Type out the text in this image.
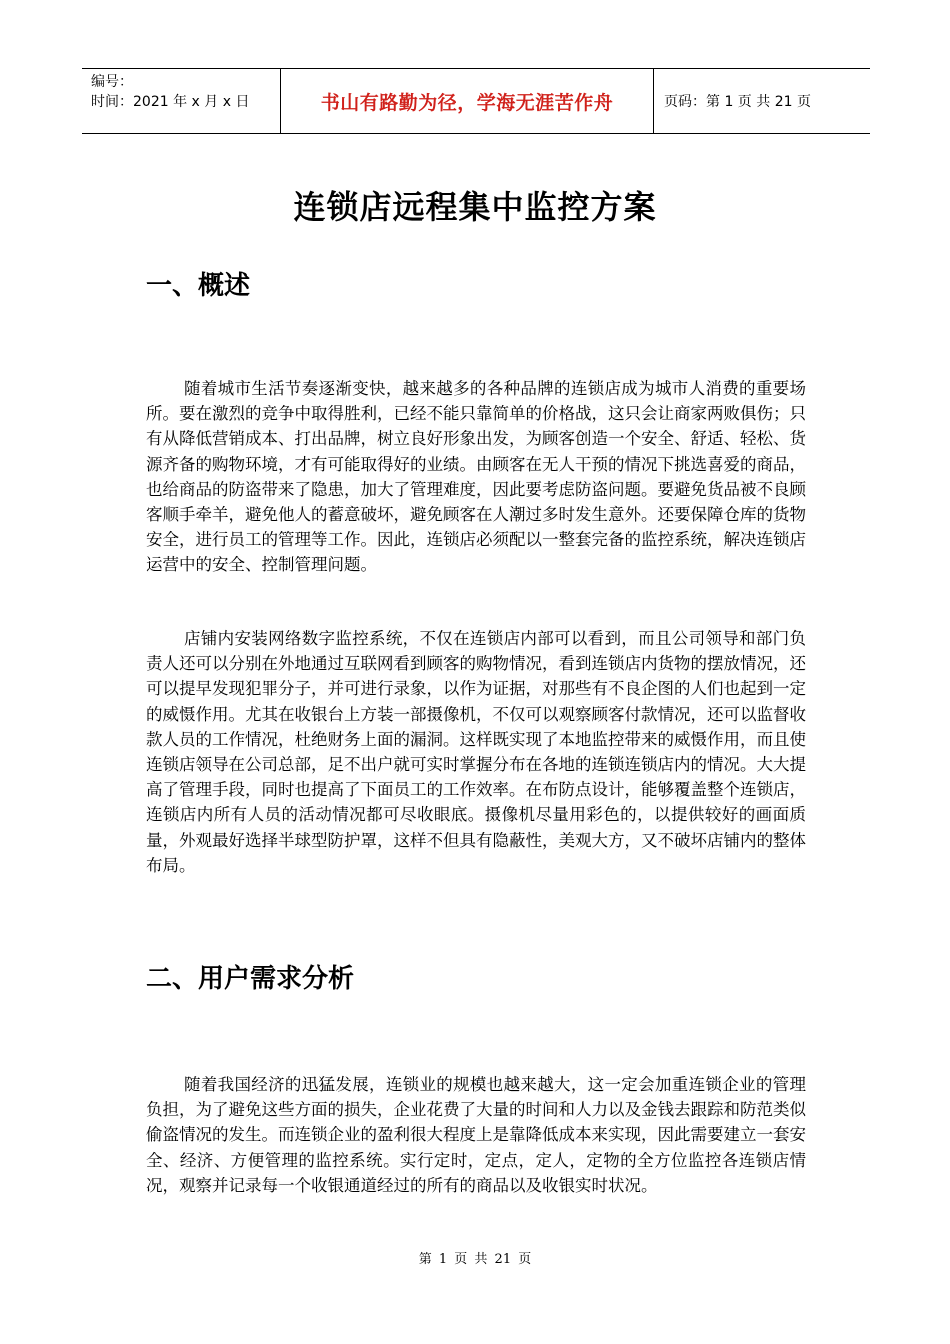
编号：
时间：2021 年 x 月 x 日	书山有路勤为径，学海无涯苦作舟	页码：第 1 页 共 21 页
连锁店远程集中监控方案
一、概述
随着城市生活节奏逐渐变快，越来越多的各种品牌的连锁店成为城市人消费的重要场所。要在激烈的竞争中取得胜利，已经不能只靠简单的价格战，这只会让商家两败俱伤；只有从降低营销成本、打出品牌，树立良好形象出发，为顾客创造一个安全、舒适、轻松、货源齐备的购物环境，才有可能取得好的业绩。由顾客在无人干预的情况下挑选喜爱的商品，也给商品的防盗带来了隐患，加大了管理难度，因此要考虑防盗问题。要避免货品被不良顾客顺手牵羊，避免他人的蓄意破坏，避免顾客在人潮过多时发生意外。还要保障仓库的货物安全，进行员工的管理等工作。因此，连锁店必须配以一整套完备的监控系统，解决连锁店运营中的安全、控制管理问题。
店铺内安装网络数字监控系统，不仅在连锁店内部可以看到，而且公司领导和部门负责人还可以分别在外地通过互联网看到顾客的购物情况，看到连锁店内货物的摆放情况，还可以提早发现犯罪分子，并可进行录象，以作为证据，对那些有不良企图的人们也起到一定的威慑作用。尤其在收银台上方装一部摄像机，不仅可以观察顾客付款情况，还可以监督收款人员的工作情况，杜绝财务上面的漏洞。这样既实现了本地监控带来的威慑作用，而且使连锁店领导在公司总部，足不出户就可实时掌握分布在各地的连锁连锁店内的情况。大大提高了管理手段，同时也提高了下面员工的工作效率。在布防点设计，能够覆盖整个连锁店，连锁店内所有人员的活动情况都可尽收眼底。摄像机尽量用彩色的，以提供较好的画面质量，外观最好选择半球型防护罩，这样不但具有隐蔽性，美观大方，又不破坏店铺内的整体布局。
二、用户需求分析
随着我国经济的迅猛发展，连锁业的规模也越来越大，这一定会加重连锁企业的管理负担，为了避免这些方面的损失，企业花费了大量的时间和人力以及金钱去跟踪和防范类似偷盗情况的发生。而连锁企业的盈利很大程度上是靠降低成本来实现，因此需要建立一套安全、经济、方便管理的监控系统。实行定时，定点，定人，定物的全方位监控各连锁店情况，观察并记录每一个收银通道经过的所有的商品以及收银实时状况。
第 1 页 共 21 页
